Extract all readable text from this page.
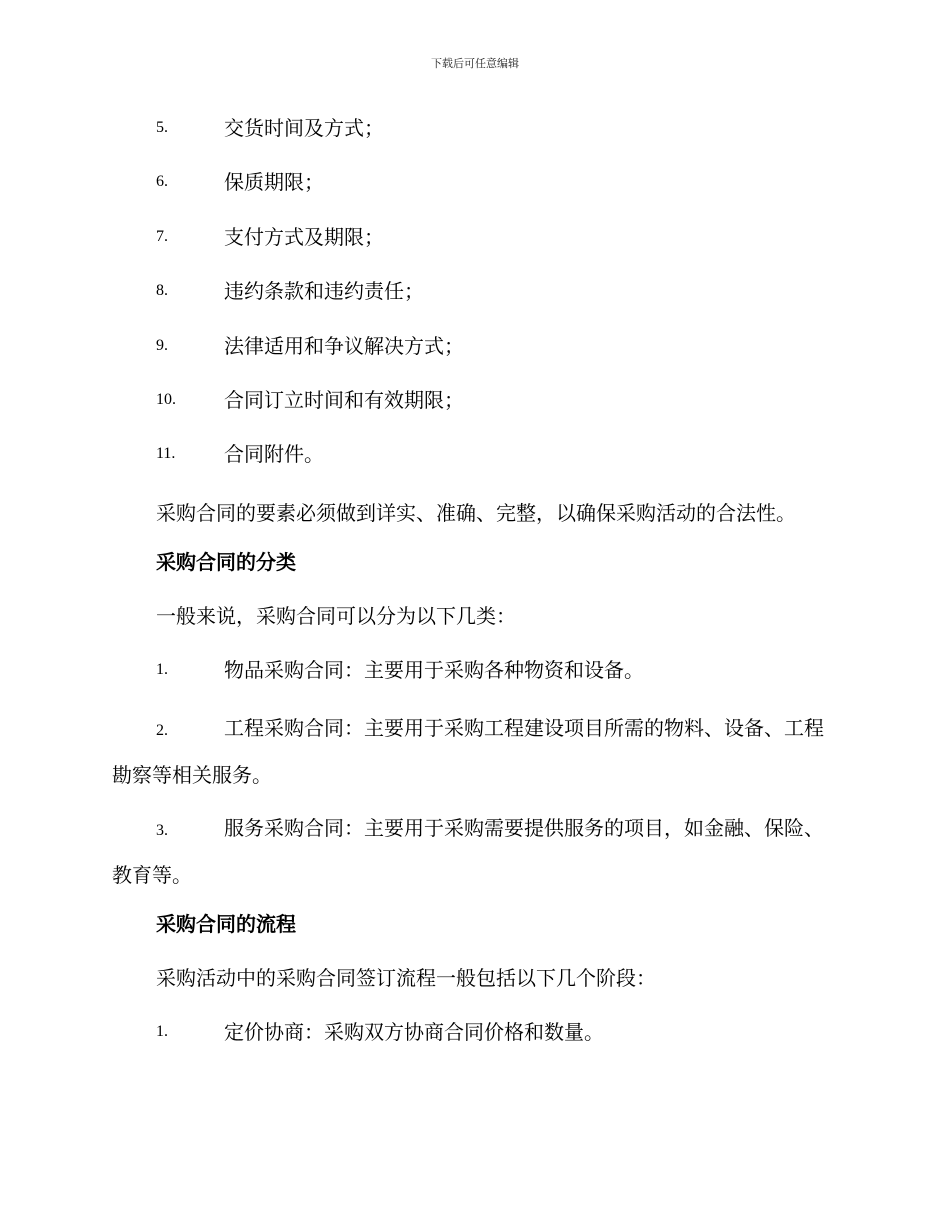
下载后可任意编辑
5.	交货时间及方式；
6.	保质期限；
7.	支付方式及期限；
8.	违约条款和违约责任；
9.	法律适用和争议解决方式；
10. 合同订立时间和有效期限；
11. 合同附件。
采购合同的要素必须做到详实、准确、完整，以确保采购活动的合法性。
采购合同的分类
一般来说，采购合同可以分为以下几类：
1.	物品采购合同：主要用于采购各种物资和设备。
2.	工程采购合同：主要用于采购工程建设项目所需的物料、设备、工程勘察等相关服务。
3.	服务采购合同：主要用于采购需要提供服务的项目，如金融、保险、教育等。
采购合同的流程
采购活动中的采购合同签订流程一般包括以下几个阶段：
1.	定价协商：采购双方协商合同价格和数量。
